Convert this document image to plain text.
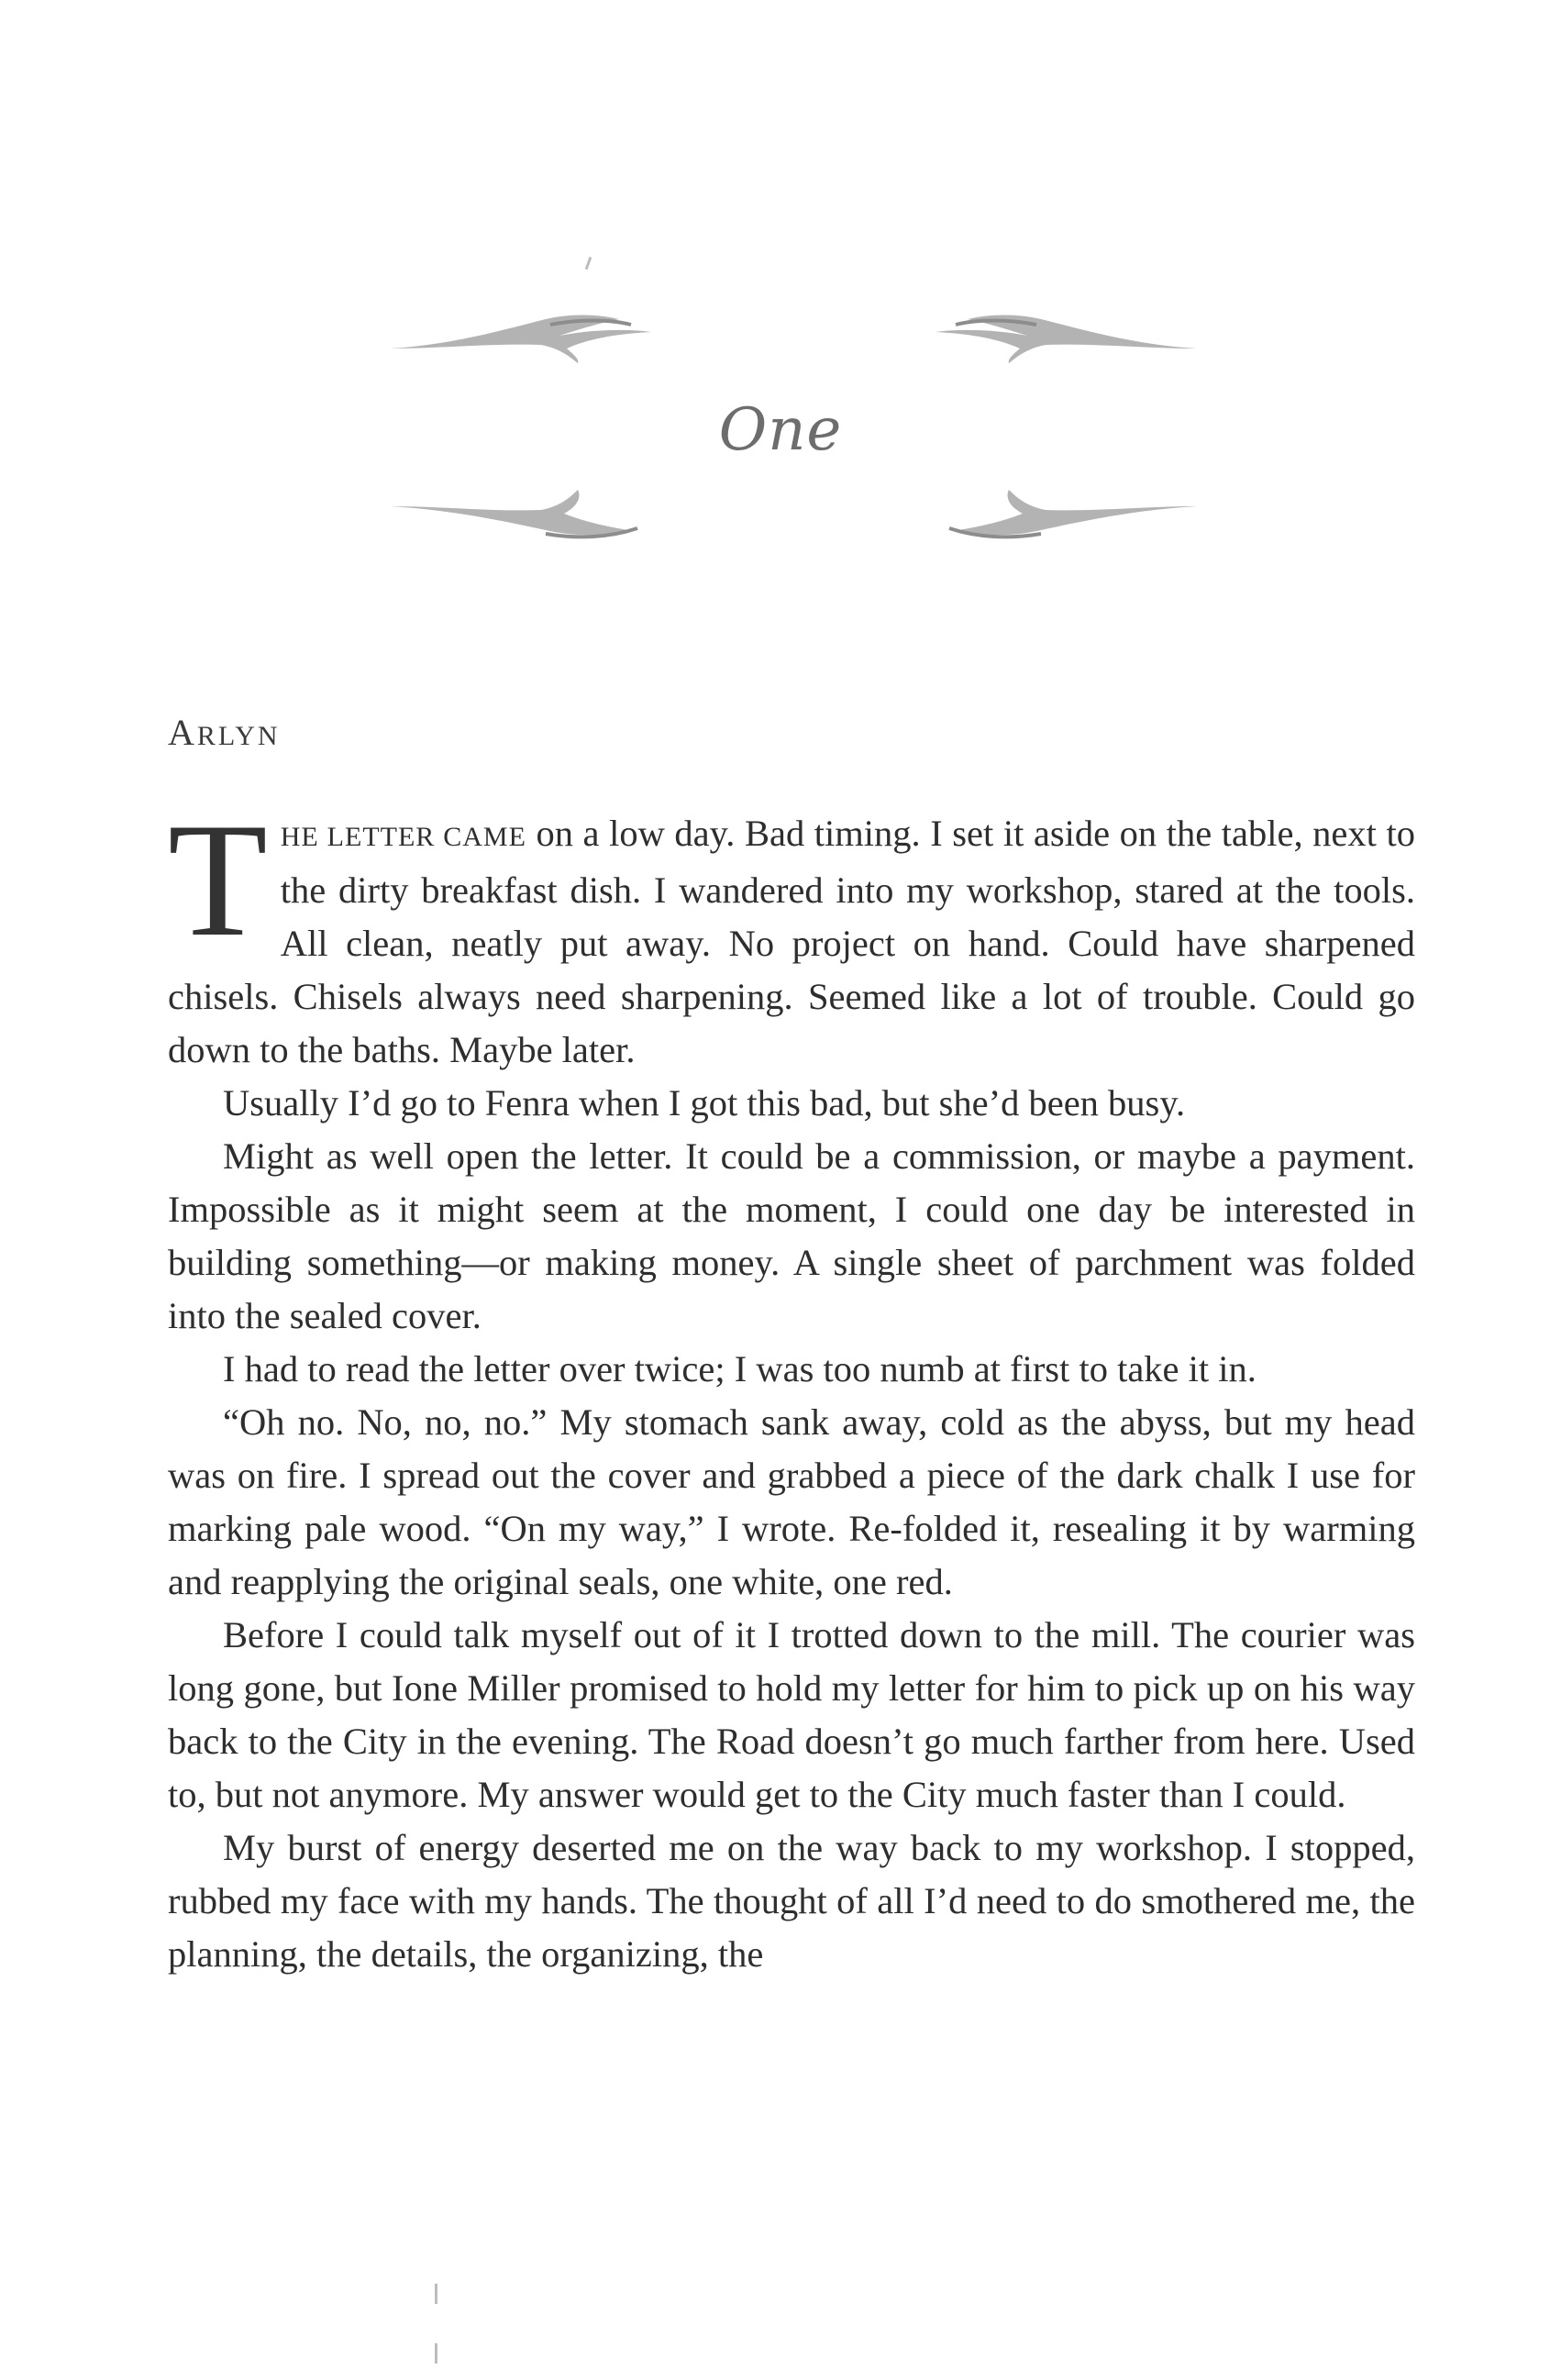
One
ARLYN

THE LETTER CAME on a low day. Bad timing. I set it aside on the table, next to the dirty breakfast dish. I wandered into my workshop, stared at the tools. All clean, neatly put away. No project on hand. Could have sharpened chisels. Chisels always need sharpening. Seemed like a lot of trouble. Could go down to the baths. Maybe later.

Usually I’d go to Fenra when I got this bad, but she’d been busy.

Might as well open the letter. It could be a commission, or maybe a payment. Impossible as it might seem at the moment, I could one day be interested in building something—or making money. A single sheet of parchment was folded into the sealed cover.

I had to read the letter over twice; I was too numb at first to take it in.

“Oh no. No, no, no.” My stomach sank away, cold as the abyss, but my head was on fire. I spread out the cover and grabbed a piece of the dark chalk I use for marking pale wood. “On my way,” I wrote. Re-folded it, resealing it by warming and reapplying the original seals, one white, one red.

Before I could talk myself out of it I trotted down to the mill. The courier was long gone, but Ione Miller promised to hold my letter for him to pick up on his way back to the City in the evening. The Road doesn’t go much farther from here. Used to, but not anymore. My answer would get to the City much faster than I could.

My burst of energy deserted me on the way back to my workshop. I stopped, rubbed my face with my hands. The thought of all I’d need to do smothered me, the planning, the details, the organizing, the
